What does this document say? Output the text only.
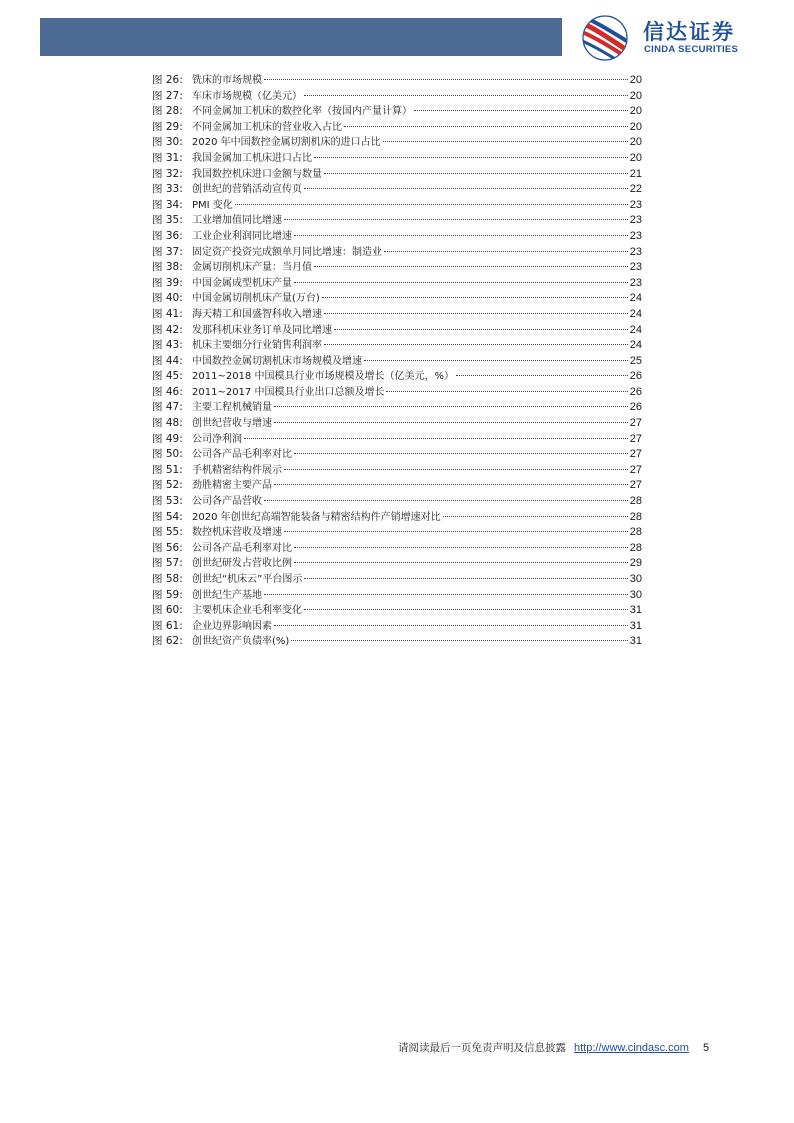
信达证券
CINDA SECURITIES
图 26: 铣床的市场规模	20
图 27: 车床市场规模（亿美元）	20
图 28: 不同金属加工机床的数控化率（按国内产量计算）	20
图 29: 不同金属加工机床的营业收入占比	20
图 30: 2020 年中国数控金属切割机床的进口占比	20
图 31: 我国金属加工机床进口占比	20
图 32: 我国数控机床进口金额与数量	21
图 33: 创世纪的营销活动宣传页	22
图 34: PMI 变化	23
图 35: 工业增加值同比增速	23
图 36: 工业企业利润同比增速	23
图 37: 固定资产投资完成额单月同比增速：制造业	23
图 38: 金属切削机床产量：当月值	23
图 39: 中国金属成型机床产量	23
图 40: 中国金属切削机床产量(万台)	24
图 41: 海天精工和国盛智科收入增速	24
图 42: 发那科机床业务订单及同比增速	24
图 43: 机床主要细分行业销售利润率	24
图 44: 中国数控金属切割机床市场规模及增速	25
图 45: 2011~2018 中国模具行业市场规模及增长（亿美元，%）	26
图 46: 2011~2017 中国模具行业出口总额及增长	26
图 47: 主要工程机械销量	26
图 48: 创世纪营收与增速	27
图 49: 公司净利润	27
图 50: 公司各产品毛利率对比	27
图 51: 手机精密结构件展示	27
图 52: 劲胜精密主要产品	27
图 53: 公司各产品营收	28
图 54: 2020 年创世纪高端智能装备与精密结构件产销增速对比	28
图 55: 数控机床营收及增速	28
图 56: 公司各产品毛利率对比	28
图 57: 创世纪研发占营收比例	29
图 58: 创世纪“机床云”平台图示	30
图 59: 创世纪生产基地	30
图 60: 主要机床企业毛利率变化	31
图 61: 企业边界影响因素	31
图 62: 创世纪资产负债率(%)	31
请阅读最后一页免责声明及信息披露 http://www.cindasc.com 5
